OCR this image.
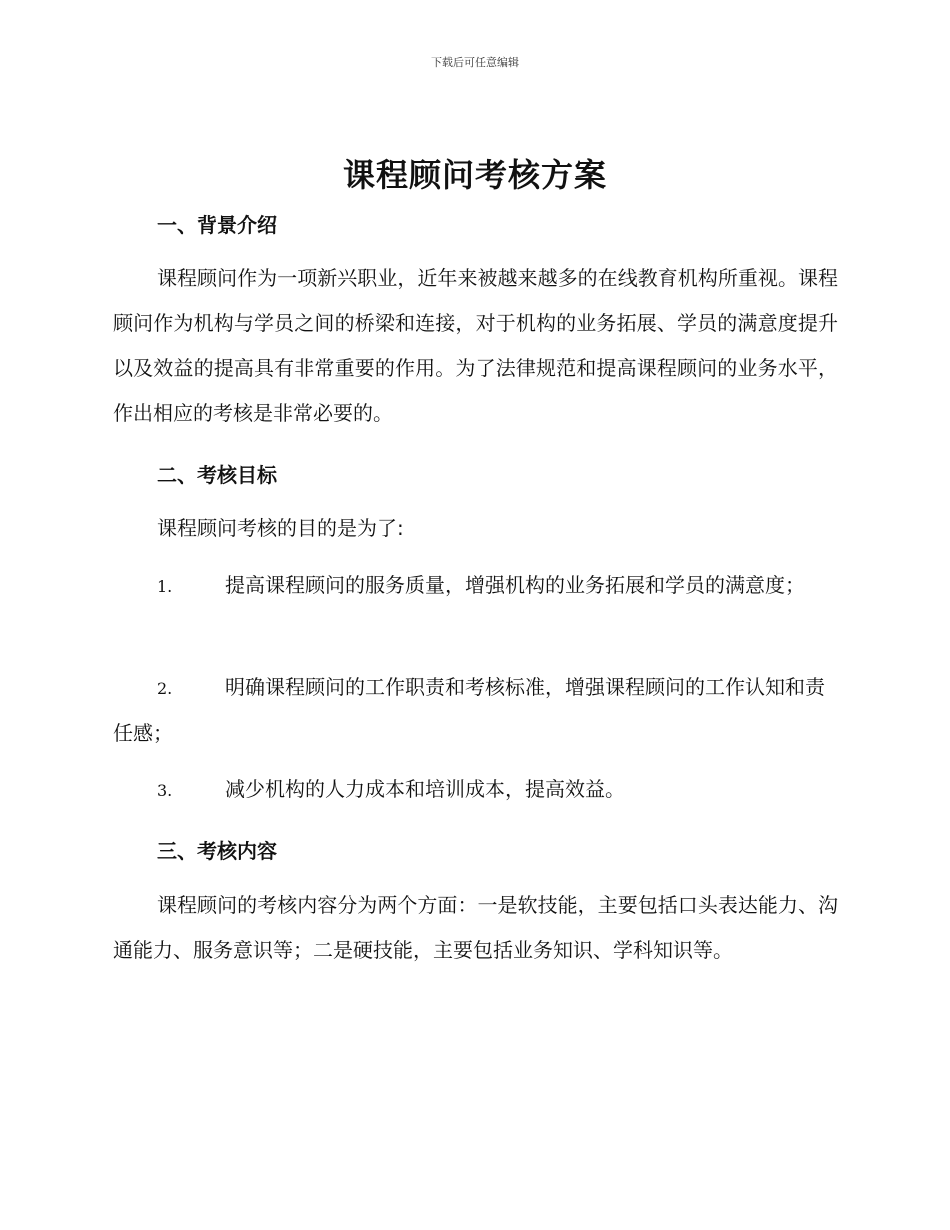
下载后可任意编辑
课程顾问考核方案
一、背景介绍

课程顾问作为一项新兴职业，近年来被越来越多的在线教育机构所重视。课程顾问作为机构与学员之间的桥梁和连接，对于机构的业务拓展、学员的满意度提升以及效益的提高具有非常重要的作用。为了法律规范和提高课程顾问的业务水平，作出相应的考核是非常必要的。

二、考核目标

课程顾问考核的目的是为了:

1.	提高课程顾问的服务质量，增强机构的业务拓展和学员的满意度；

2.	明确课程顾问的工作职责和考核标准，增强课程顾问的工作认知和责任感；

3.	减少机构的人力成本和培训成本，提高效益。

三、考核内容

课程顾问的考核内容分为两个方面：一是软技能，主要包括口头表达能力、沟通能力、服务意识等；二是硬技能，主要包括业务知识、学科知识等。
